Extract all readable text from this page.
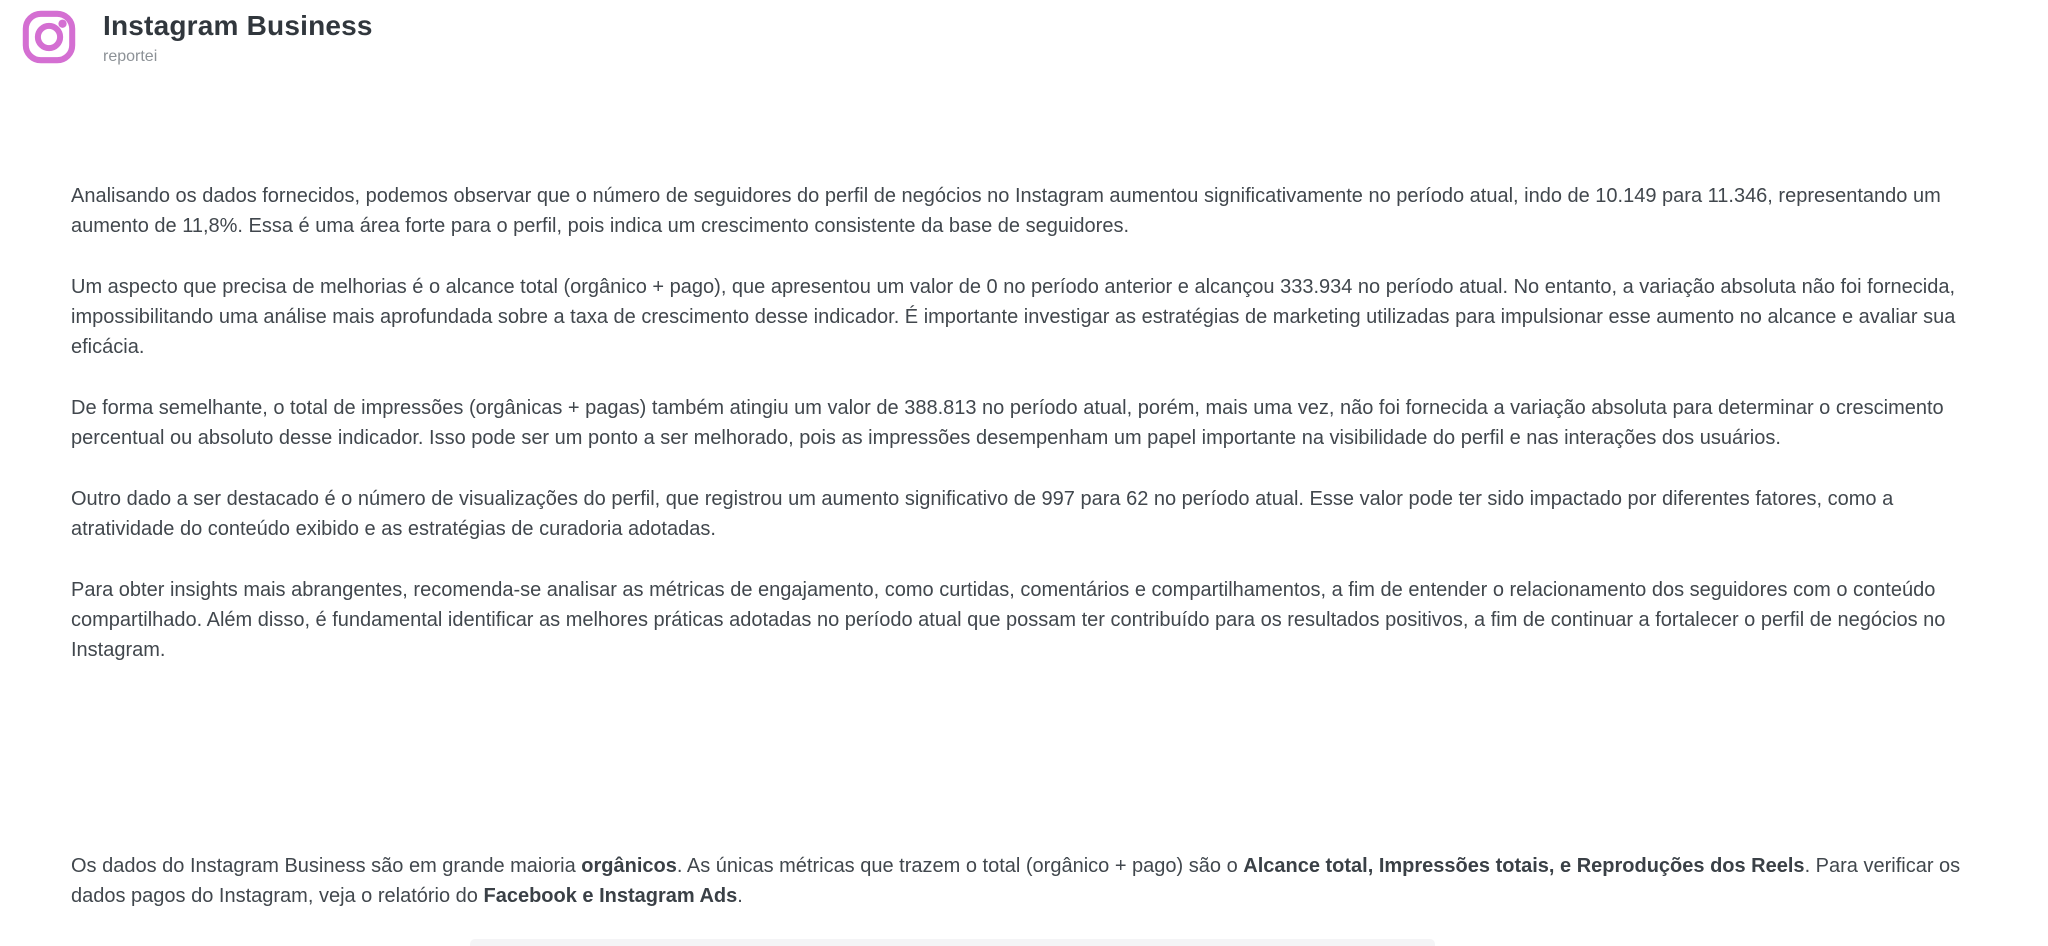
Instagram Business
reportei

Analisando os dados fornecidos, podemos observar que o número de seguidores do perfil de negócios no Instagram aumentou significativamente no período atual, indo de 10.149 para 11.346, representando um aumento de 11,8%. Essa é uma área forte para o perfil, pois indica um crescimento consistente da base de seguidores.

Um aspecto que precisa de melhorias é o alcance total (orgânico + pago), que apresentou um valor de 0 no período anterior e alcançou 333.934 no período atual. No entanto, a variação absoluta não foi fornecida, impossibilitando uma análise mais aprofundada sobre a taxa de crescimento desse indicador. É importante investigar as estratégias de marketing utilizadas para impulsionar esse aumento no alcance e avaliar sua eficácia.

De forma semelhante, o total de impressões (orgânicas + pagas) também atingiu um valor de 388.813 no período atual, porém, mais uma vez, não foi fornecida a variação absoluta para determinar o crescimento percentual ou absoluto desse indicador. Isso pode ser um ponto a ser melhorado, pois as impressões desempenham um papel importante na visibilidade do perfil e nas interações dos usuários.

Outro dado a ser destacado é o número de visualizações do perfil, que registrou um aumento significativo de 997 para 62 no período atual. Esse valor pode ter sido impactado por diferentes fatores, como a atratividade do conteúdo exibido e as estratégias de curadoria adotadas.

Para obter insights mais abrangentes, recomenda-se analisar as métricas de engajamento, como curtidas, comentários e compartilhamentos, a fim de entender o relacionamento dos seguidores com o conteúdo compartilhado. Além disso, é fundamental identificar as melhores práticas adotadas no período atual que possam ter contribuído para os resultados positivos, a fim de continuar a fortalecer o perfil de negócios no Instagram.

Os dados do Instagram Business são em grande maioria orgânicos. As únicas métricas que trazem o total (orgânico + pago) são o Alcance total, Impressões totais, e Reproduções dos Reels. Para verificar os dados pagos do Instagram, veja o relatório do Facebook e Instagram Ads.
